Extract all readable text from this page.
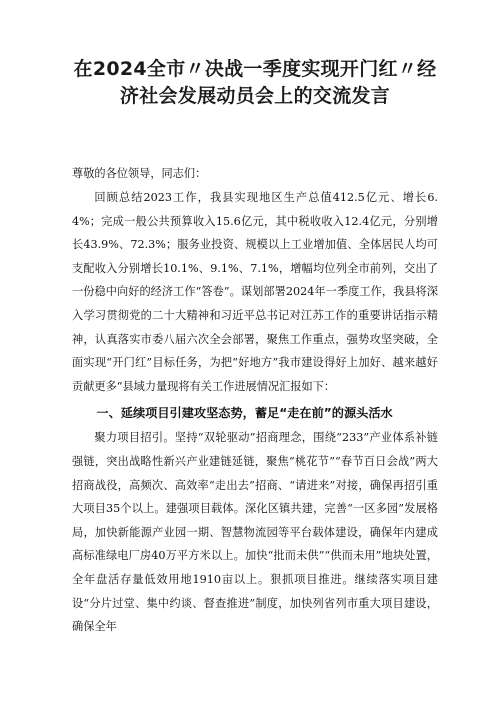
在2024全市〃决战一季度实现开门红〃经
济社会发展动员会上的交流发言

尊敬的各位领导，同志们：

回顾总结2023工作，我县实现地区生产总值412.5亿元、增长6.4%；完成一般公共预算收入15.6亿元，其中税收收入12.4亿元，分别增长43.9%、72.3%；服务业投资、规模以上工业增加值、全体居民人均可支配收入分别增长10.1%、9.1%、7.1%，增幅均位列全市前列，交出了一份稳中向好的经济工作“答卷”。谋划部署2024年一季度工作，我县将深入学习贯彻党的二十大精神和习近平总书记对江苏工作的重要讲话指示精神，认真落实市委八届六次全会部署，聚焦工作重点，强势攻坚突破，全面实现“开门红”目标任务，为把“好地方”我市建设得好上加好、越来越好贡献更多“县域力量现将有关工作进展情况汇报如下：

一、延续项目引建攻坚态势，蓄足“走在前”的源头活水

聚力项目招引。坚持“双轮驱动”招商理念，围绕“233”产业体系补链强链，突出战略性新兴产业建链延链，聚焦“桃花节”“春节百日会战”两大招商战役，高频次、高效率“走出去”招商、“请进来”对接，确保再招引重大项目35个以上。建强项目载体。深化区镇共建，完善“一区多园”发展格局，加快新能源产业园一期、智慧物流园等平台载体建设，确保年内建成高标准绿电厂房40万平方米以上。加快“批而未供”“供而未用”地块处置，全年盘活存量低效用地1910亩以上。狠抓项目推进。继续落实项目建设“分片过堂、集中约谈、督查推进”制度，加快列省列市重大项目建设，确保全年
